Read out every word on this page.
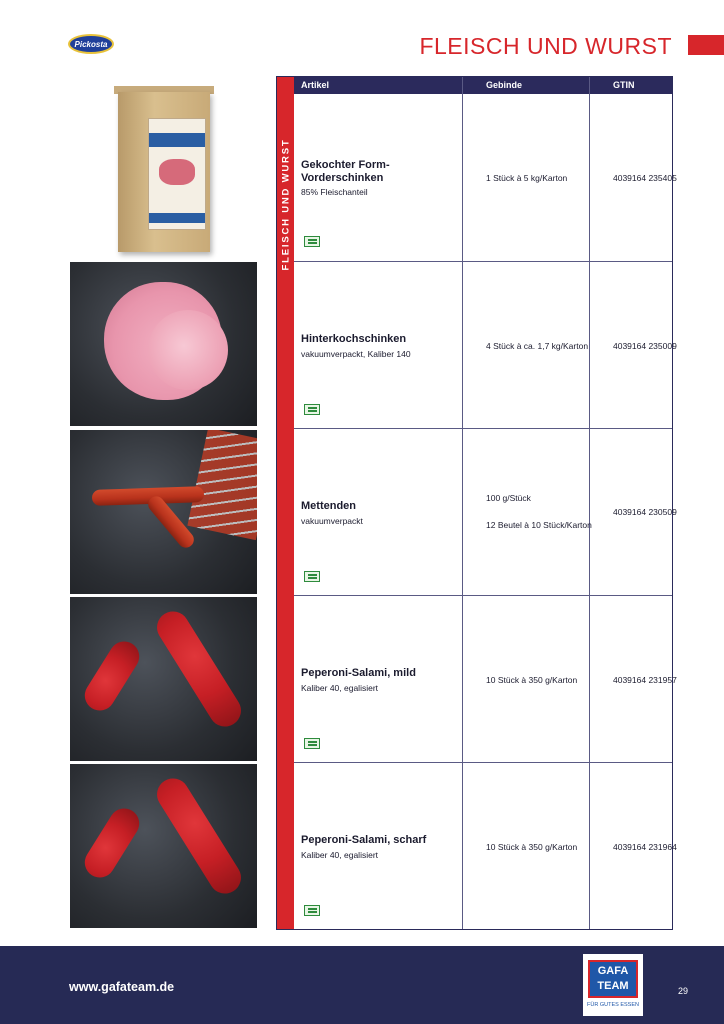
Pickosta	FLEISCH UND WURST
FLEISCH UND WURST
Artikel	Gebinde	GTIN
Gekochter Form-Vorderschinken
85% Fleischanteil
1 Stück à 5 kg/Karton	4039164 235405
Hinterkochschinken
vakuumverpackt, Kaliber 140
4 Stück à ca. 1,7 kg/Karton	4039164 235009
Mettenden
vakuumverpackt
100 g/Stück
12 Beutel à 10 Stück/Karton
4039164 230509
Peperoni-Salami, mild
Kaliber 40, egalisiert
10 Stück à 350 g/Karton	4039164 231957
Peperoni-Salami, scharf
Kaliber 40, egalisiert
10 Stück à 350 g/Karton	4039164 231964
www.gafateam.de
GAFA
TEAM
FÜR GUTES ESSEN
29
